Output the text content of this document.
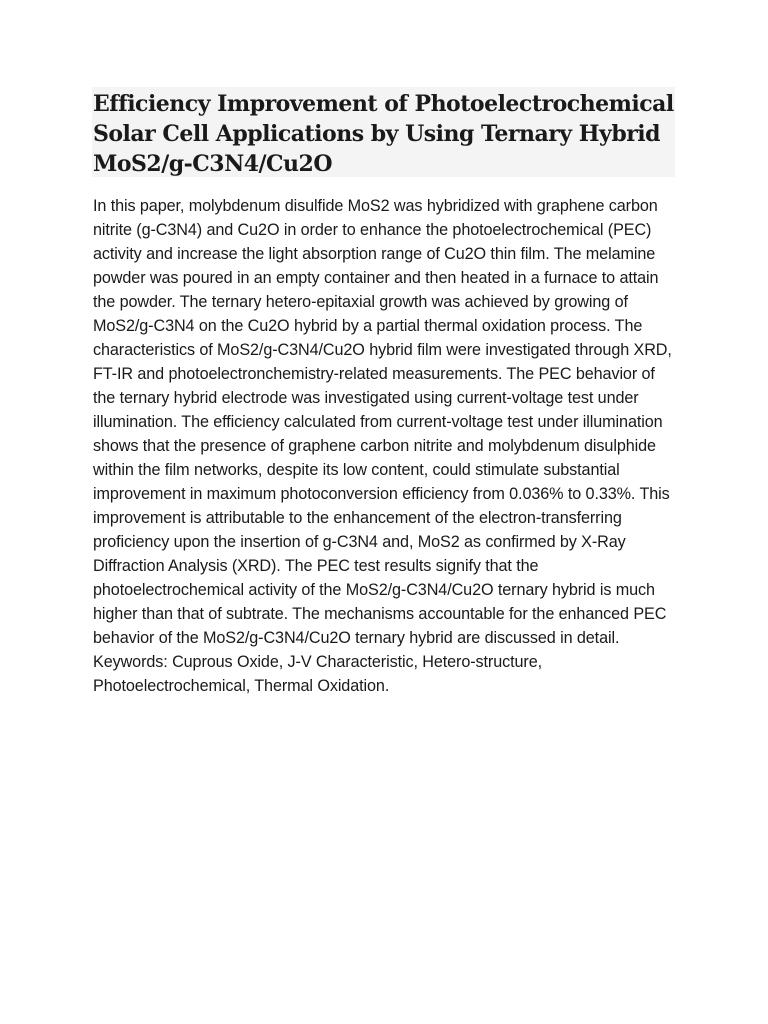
Efficiency Improvement of Photoelectrochemical Solar Cell Applications by Using Ternary Hybrid MoS2/g-C3N4/Cu2O

In this paper, molybdenum disulfide MoS2 was hybridized with graphene carbon nitrite (g-C3N4) and Cu2O in order to enhance the photoelectrochemical (PEC) activity and increase the light absorption range of Cu2O thin film. The melamine powder was poured in an empty container and then heated in a furnace to attain the powder. The ternary hetero-epitaxial growth was achieved by growing of MoS2/g-C3N4 on the Cu2O hybrid by a partial thermal oxidation process. The characteristics of MoS2/g-C3N4/Cu2O hybrid film were investigated through XRD, FT-IR and photoelectronchemistry-related measurements. The PEC behavior of the ternary hybrid electrode was investigated using current-voltage test under illumination. The efficiency calculated from current-voltage test under illumination shows that the presence of graphene carbon nitrite and molybdenum disulphide within the film networks, despite its low content, could stimulate substantial improvement in maximum photoconversion efficiency from 0.036% to 0.33%. This improvement is attributable to the enhancement of the electron-transferring proficiency upon the insertion of g-C3N4 and, MoS2 as confirmed by X-Ray Diffraction Analysis (XRD). The PEC test results signify that the photoelectrochemical activity of the MoS2/g-C3N4/Cu2O ternary hybrid is much higher than that of subtrate. The mechanisms accountable for the enhanced PEC behavior of the MoS2/g-C3N4/Cu2O ternary hybrid are discussed in detail. Keywords: Cuprous Oxide, J-V Characteristic, Hetero-structure, Photoelectrochemical, Thermal Oxidation.
